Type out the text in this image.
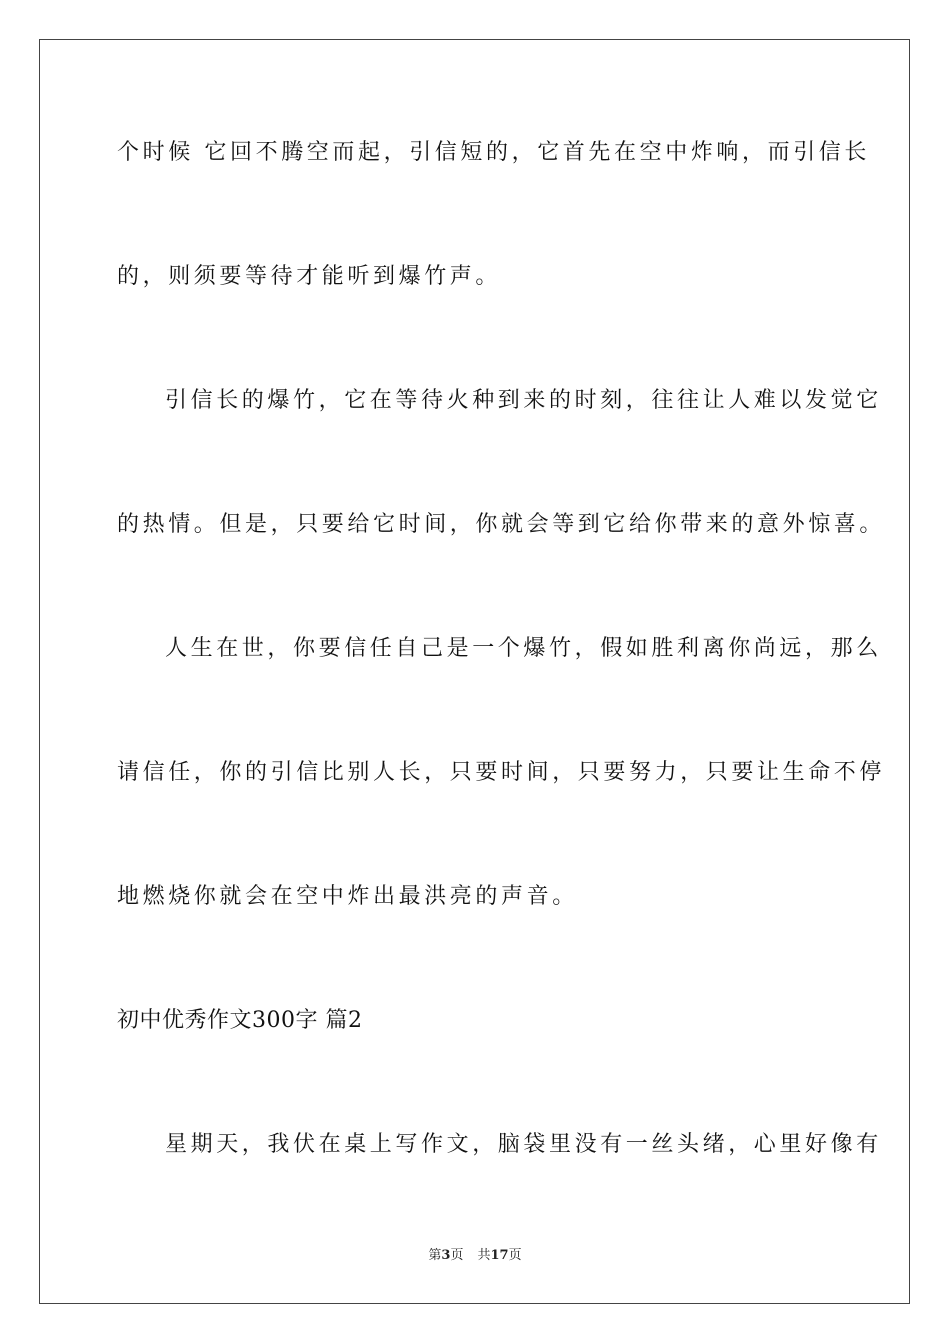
个时候 它回不腾空而起，引信短的，它首先在空中炸响，而引信长

的，则须要等待才能听到爆竹声。

引信长的爆竹，它在等待火种到来的时刻，往往让人难以发觉它

的热情。但是，只要给它时间，你就会等到它给你带来的意外惊喜。

人生在世，你要信任自己是一个爆竹，假如胜利离你尚远，那么

请信任，你的引信比别人长，只要时间，只要努力，只要让生命不停

地燃烧你就会在空中炸出最洪亮的声音。

初中优秀作文300字 篇2

星期天，我伏在桌上写作文，脑袋里没有一丝头绪，心里好像有

第3页 共17页
